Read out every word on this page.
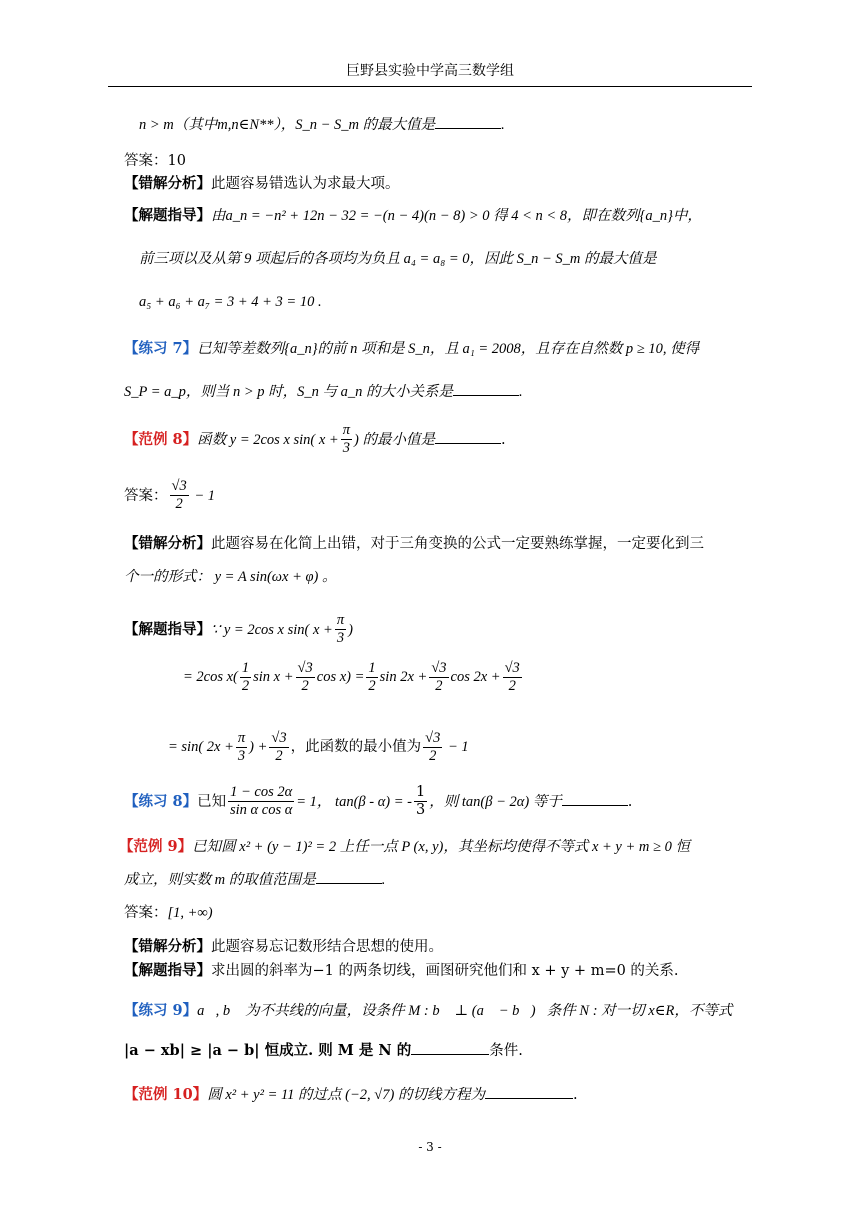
巨野县实验中学高三数学组
n > m（其中m,n∈N**），S_n − S_m 的最大值是	.
答案：10
【错解分析】此题容易错选认为求最大项。
【解题指导】由a_n = −n² + 12n − 32 = −(n − 4)(n − 8) > 0 得 4 < n < 8，即在数列{a_n}中，
前三项以及从第 9 项起后的各项均为负且 a₄ = a₈ = 0，因此 S_n − S_m 的最大值是
a₅ + a₆ + a₇ = 3 + 4 + 3 = 10 .
【练习 7】已知等差数列{a_n}的前 n 项和是 S_n，且 a₁ = 2008，且存在自然数 p ≥ 10, 使得
S_P = a_p，则当 n > p 时，S_n 与 a_n 的大小关系是	.
【范例 8】函数 y = 2cos x sin( $x + \frac{\pi}{3}$ ) 的最小值是	.
答案： $\frac{√3}{2} - 1$
【错解分析】此题容易在化简上出错，对于三角变换的公式一定要熟练掌握，一定要化到三
个一的形式： y = A sin(ωx + φ) 。
【解题指导】∵ y = 2cos x sin( $x + \frac{\pi}{3}$ )
= 2cos $x( \frac{1}{2}$ $\sin x + \frac{√3}{2}$ $\cos x) = \frac{1}{2}$ $\sin 2x + \frac{√3}{2}$ $\cos 2x + \frac{√3}{2}$
= sin( $2x + \frac{\pi}{3}$ ) + $\frac{√3}{2}$ ，此函数的最小值为 $\frac{√3}{2} - 1$
【练习 8】已知 $\frac{1 - \cos 2\alpha}{\text{sin α cos α}} = 1$， tan(β - α) = - $\frac{1}{3}$ ，则 tan(β − 2α) 等于	.
【范例 9】已知圆 x² + (y − 1)² = 2 上任一点 P (x, y)，其坐标均使得不等式 x + y + m ≥ 0 恒
成立，则实数 m 的取值范围是	.
答案：[1, +∞)
【错解分析】此题容易忘记数形结合思想的使用。
【解题指导】求出圆的斜率为−1 的两条切线，画图研究他们和 x + y + m=0 的关系.
【练习 9】a⃗, b⃗ 为不共线的向量，设条件 M : b⃗ ⊥ (a⃗ − b⃗)；条件 N : 对一切 x∈R，不等式
|a − xb| ≥ |a − b| 恒成立. 则 M 是 N 的	条件.
【范例 10】圆 x² + y² = 11 的过点 (−2, √7) 的切线方程为	.
- 3 -
